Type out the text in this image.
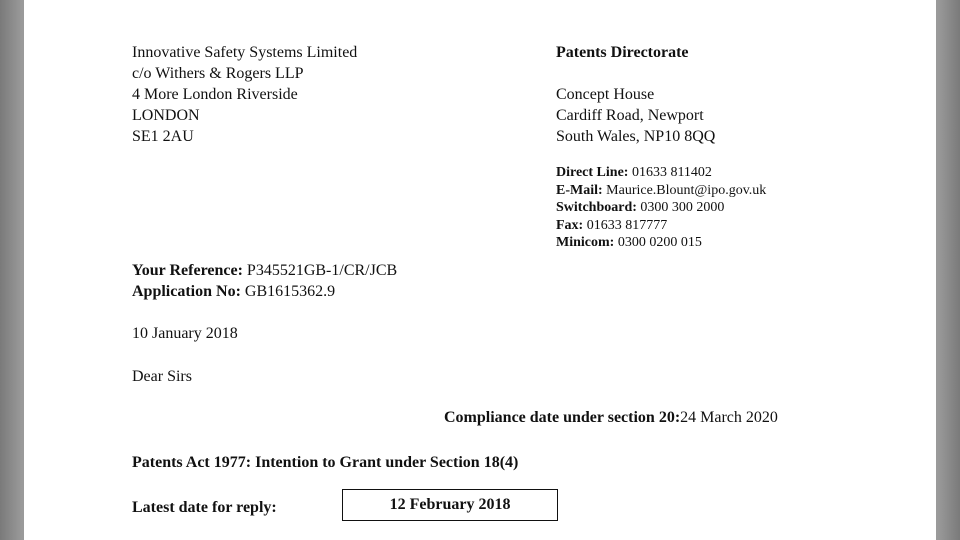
Innovative Safety Systems Limited
c/o Withers & Rogers LLP
4 More London Riverside
LONDON
SE1 2AU
Patents Directorate
Concept House
Cardiff Road, Newport
South Wales, NP10 8QQ
Direct Line: 01633 811402
E-Mail: Maurice.Blount@ipo.gov.uk
Switchboard: 0300 300 2000
Fax: 01633 817777
Minicom: 0300 0200 015
Your Reference: P345521GB-1/CR/JCB
Application No: GB1615362.9
10 January 2018
Dear Sirs
Compliance date under section 20:24 March 2020
Patents Act 1977: Intention to Grant under Section 18(4)
Latest date for reply:	12 February 2018
